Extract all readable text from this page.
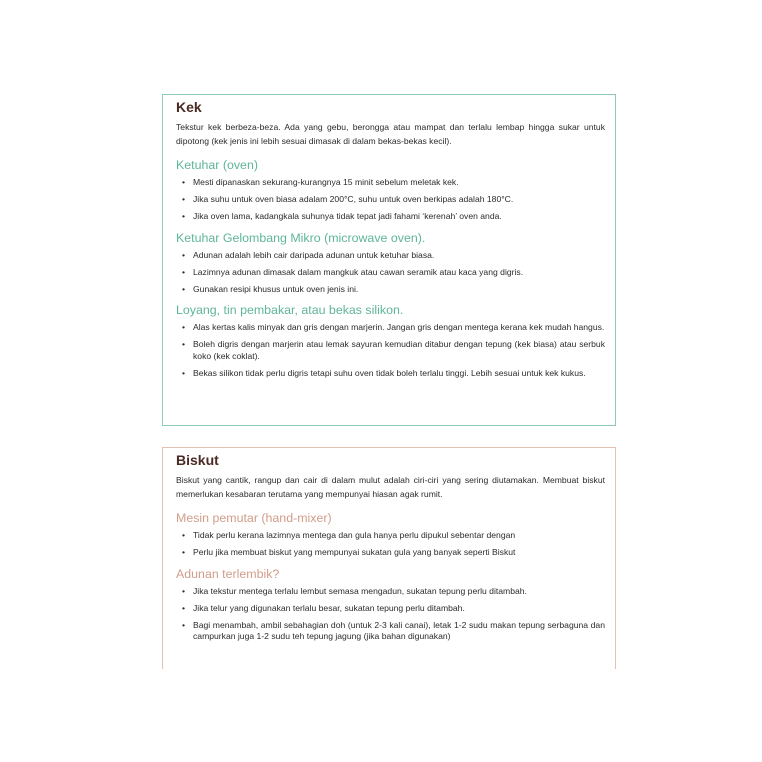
Kek
Tekstur kek berbeza-beza. Ada yang gebu, berongga atau mampat dan terlalu lembap hingga sukar untuk dipotong (kek jenis ini lebih sesuai dimasak di dalam bekas-bekas kecil).
Ketuhar (oven)
• Mesti dipanaskan sekurang-kurangnya 15 minit sebelum meletak kek.
• Jika suhu untuk oven biasa adalam 200°C, suhu untuk oven berkipas adalah 180°C.
• Jika oven lama, kadangkala suhunya tidak tepat jadi fahami ‘kerenah’ oven anda.
Ketuhar Gelombang Mikro (microwave oven).
• Adunan adalah lebih cair daripada adunan untuk ketuhar biasa.
• Lazimnya adunan dimasak dalam mangkuk atau cawan seramik atau kaca yang digris.
• Gunakan resipi khusus untuk oven jenis ini.
Loyang, tin pembakar, atau bekas silikon.
• Alas kertas kalis minyak dan gris dengan marjerin. Jangan gris dengan mentega kerana kek mudah hangus.
• Boleh digris dengan marjerin atau lemak sayuran kemudian ditabur dengan tepung (kek biasa) atau serbuk koko (kek coklat).
• Bekas silikon tidak perlu digris tetapi suhu oven tidak boleh terlalu tinggi. Lebih sesuai untuk kek kukus.
Biskut
Biskut yang cantik, rangup dan cair di dalam mulut adalah ciri-ciri yang sering diutamakan. Membuat biskut memerlukan kesabaran terutama yang mempunyai hiasan agak rumit.
Mesin pemutar (hand-mixer)
• Tidak perlu kerana lazimnya mentega dan gula hanya perlu dipukul sebentar dengan
• Perlu jika membuat biskut yang mempunyai sukatan gula yang banyak seperti Biskut
Adunan terlembik?
• Jika tekstur mentega terlalu lembut semasa mengadun, sukatan tepung perlu ditambah.
• Jika telur yang digunakan terlalu besar, sukatan tepung perlu ditambah.
• Bagi menambah, ambil sebahagian doh (untuk 2-3 kali canai), letak 1-2 sudu makan tepung serbaguna dan campurkan juga 1-2 sudu teh tepung jagung (jika bahan digunakan)
